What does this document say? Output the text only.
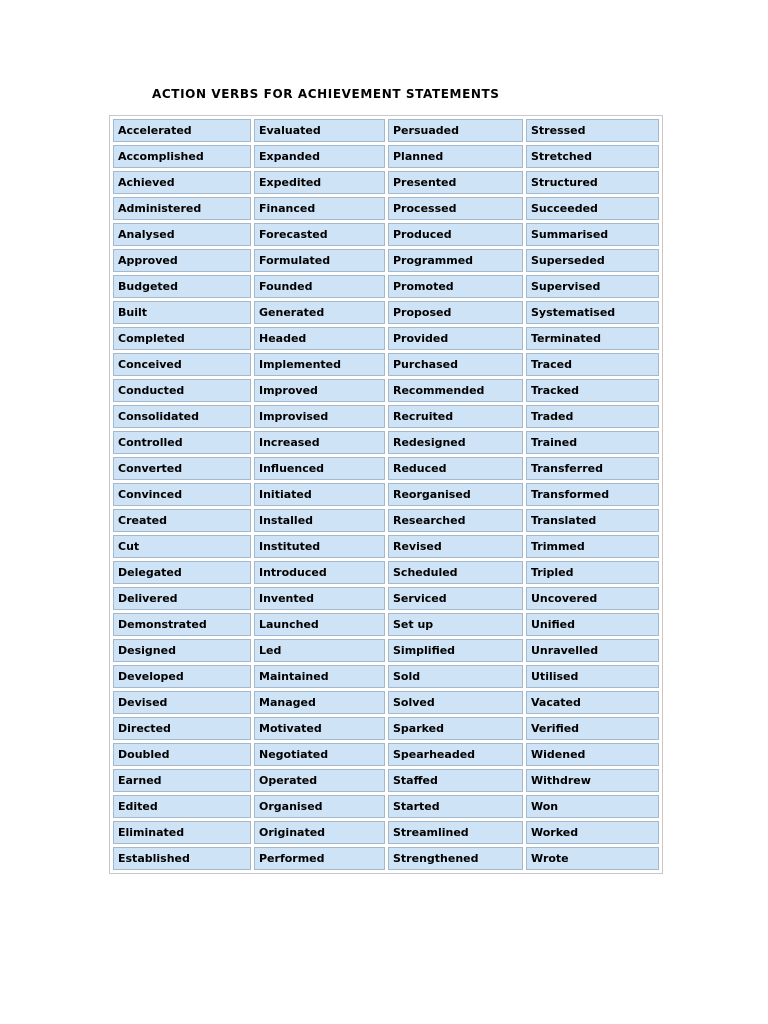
ACTION VERBS FOR ACHIEVEMENT STATEMENTS
Accelerated	Evaluated	Persuaded	Stressed
Accomplished	Expanded	Planned	Stretched
Achieved	Expedited	Presented	Structured
Administered	Financed	Processed	Succeeded
Analysed	Forecasted	Produced	Summarised
Approved	Formulated	Programmed	Superseded
Budgeted	Founded	Promoted	Supervised
Built	Generated	Proposed	Systematised
Completed	Headed	Provided	Terminated
Conceived	Implemented	Purchased	Traced
Conducted	Improved	Recommended	Tracked
Consolidated	Improvised	Recruited	Traded
Controlled	Increased	Redesigned	Trained
Converted	Influenced	Reduced	Transferred
Convinced	Initiated	Reorganised	Transformed
Created	Installed	Researched	Translated
Cut	Instituted	Revised	Trimmed
Delegated	Introduced	Scheduled	Tripled
Delivered	Invented	Serviced	Uncovered
Demonstrated	Launched	Set up	Unified
Designed	Led	Simplified	Unravelled
Developed	Maintained	Sold	Utilised
Devised	Managed	Solved	Vacated
Directed	Motivated	Sparked	Verified
Doubled	Negotiated	Spearheaded	Widened
Earned	Operated	Staffed	Withdrew
Edited	Organised	Started	Won
Eliminated	Originated	Streamlined	Worked
Established	Performed	Strengthened	Wrote
